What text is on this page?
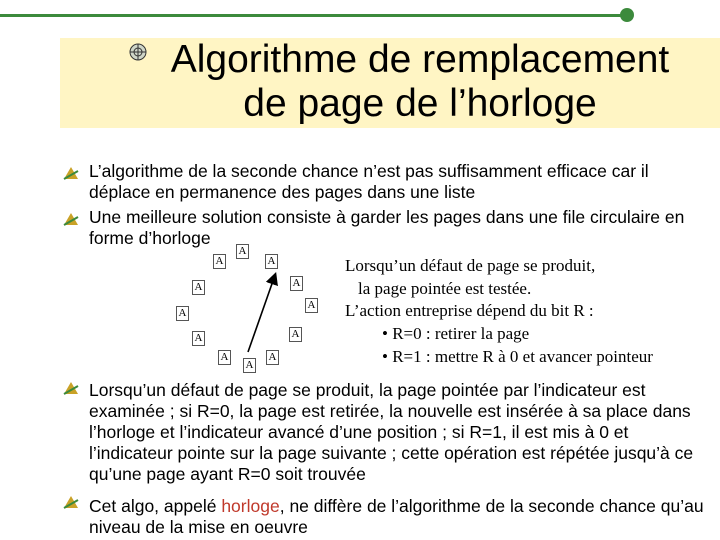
Algorithme de remplacement
de page de l’horloge

L’algorithme de la seconde chance n’est pas suffisamment efficace car il déplace en permanence des pages dans une liste

Une meilleure solution consiste à garder les pages dans une file circulaire en forme d’horloge

A
A
A
A	A
A
A
A	A
A
A
A
Lorsqu’un défaut de page se produit,
la page pointée est testée.
L’action entreprise dépend du bit R :
• R=0 : retirer la page
• R=1 : mettre R à 0 et avancer pointeur

Lorsqu’un défaut de page se produit, la page pointée par l’indicateur est examinée ; si R=0, la page est retirée, la nouvelle est insérée à sa place dans l’horloge et l’indicateur avancé d’une position ; si R=1, il est mis à 0 et l’indicateur pointe sur la page suivante ; cette opération est répétée jusqu’à ce qu’une page ayant R=0 soit trouvée

Cet algo, appelé horloge, ne diffère de l’algorithme de la seconde chance qu’au niveau de la mise en oeuvre
